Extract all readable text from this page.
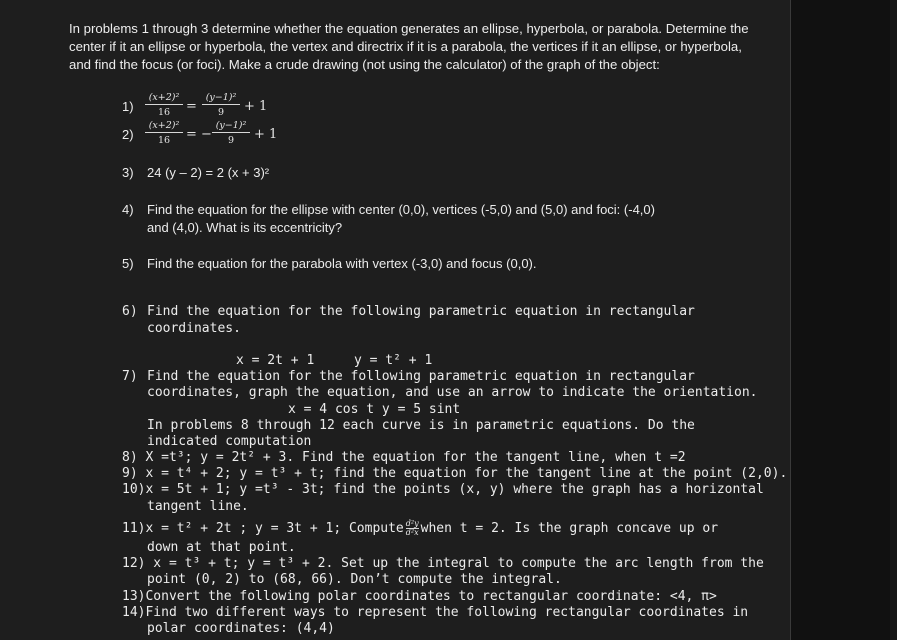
In problems 1 through 3 determine whether the equation generates an ellipse, hyperbola, or parabola. Determine the center if it an ellipse or hyperbola, the vertex and directrix if it is a parabola, the vertices if it an ellipse, or hyperbola, and find the focus (or foci). Make a crude drawing (not using the calculator) of the graph of the object:
$1) \frac{\text{(x+2)²}}{16} = \frac{\text{(y−1)²}}{9} + 1$
$2) \frac{\text{(x+2)²}}{16}$ = − $\frac{\text{(y−1)²}}{9} + 1$
3) 24 (y – 2) = 2 (x + 3)²
4) Find the equation for the ellipse with center (0,0), vertices (-5,0) and (5,0) and foci: (-4,0)
and (4,0). What is its eccentricity?
5) Find the equation for the parabola with vertex (-3,0) and focus (0,0).
6) Find the equation for the following parametric equation in rectangular
coordinates.
x = 2t + 1	y = t² + 1
7) Find the equation for the following parametric equation in rectangular
coordinates, graph the equation, and use an arrow to indicate the orientation.
x = 4 cos t y = 5 sint
In problems 8 through 12 each curve is in parametric equations. Do the
indicated computation
8) X =t³; y = 2t² + 3. Find the equation for the tangent line, when t =2
9) x = t⁴ + 2; y = t³ + t; find the equation for the tangent line at the point (2,0).
10)x = 5t + 1; y =t³ - 3t; find the points (x, y) where the graph has a horizontal
tangent line.
11)x = t² + 2t ; y = 3t + 1; Compute $\frac{\text{d²y}}{\text{d²x}}$ when t = 2. Is the graph concave up or
down at that point.
12) x = t³ + t; y = t³ + 2. Set up the integral to compute the arc length from the
point (0, 2) to (68, 66). Don’t compute the integral.
13)Convert the following polar coordinates to rectangular coordinate: <4, π>
14)Find two different ways to represent the following rectangular coordinates in
polar coordinates: (4,4)
